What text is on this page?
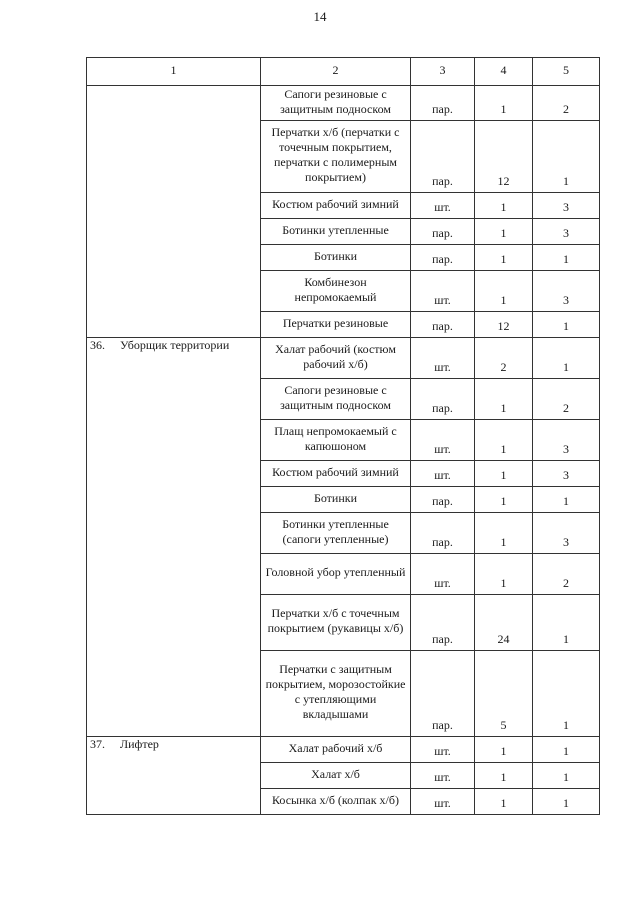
14
1	2	3	4	5
	Сапоги резиновые с защитным подноском	пар.	1	2
	Перчатки х/б (перчатки с точечным покрытием, перчатки с полимерным покрытием)	пар.	12	1
	Костюм рабочий зимний	шт.	1	3
	Ботинки утепленные	пар.	1	3
	Ботинки	пар.	1	1
	Комбинезон непромокаемый	шт.	1	3
	Перчатки резиновые	пар.	12	1
36. Уборщик территории	Халат рабочий (костюм рабочий х/б)	шт.	2	1
	Сапоги резиновые с защитным подноском	пар.	1	2
	Плащ непромокаемый с капюшоном	шт.	1	3
	Костюм рабочий зимний	шт.	1	3
	Ботинки	пар.	1	1
	Ботинки утепленные (сапоги утепленные)	пар.	1	3
	Головной убор утепленный	шт.	1	2
	Перчатки х/б с точечным покрытием (рукавицы х/б)	пар.	24	1
	Перчатки с защитным покрытием, морозостойкие с утепляющими вкладышами	пар.	5	1
37. Лифтер	Халат рабочий х/б	шт.	1	1
	Халат х/б	шт.	1	1
	Косынка х/б (колпак х/б)	шт.	1	1
